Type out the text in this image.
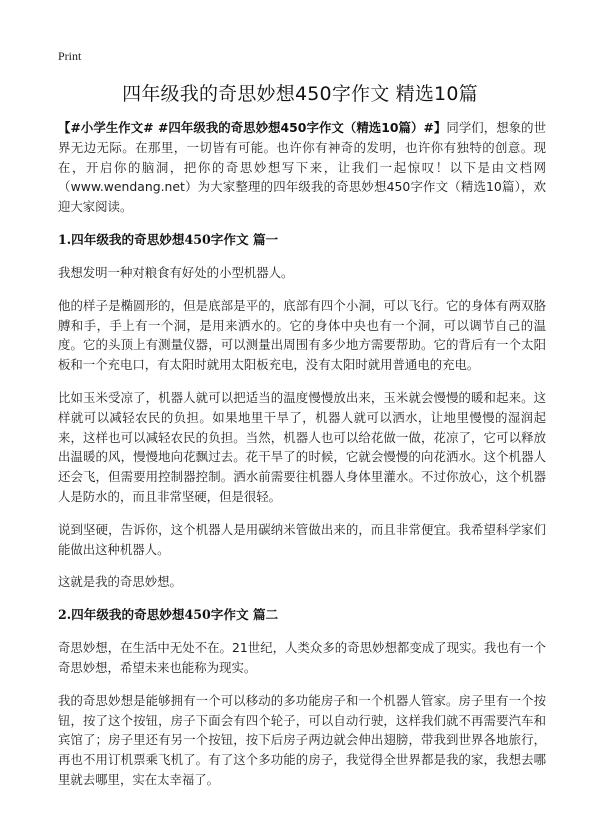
Print
四年级我的奇思妙想450字作文 精选10篇

【#小学生作文# #四年级我的奇思妙想450字作文（精选10篇）#】同学们，想象的世界无边无际。在那里，一切皆有可能。也许你有神奇的发明，也许你有独特的创意。现在，开启你的脑洞，把你的奇思妙想写下来，让我们一起惊叹！以下是由文档网（www.wendang.net）为大家整理的四年级我的奇思妙想450字作文（精选10篇），欢迎大家阅读。

1.四年级我的奇思妙想450字作文 篇一

我想发明一种对粮食有好处的小型机器人。

他的样子是椭圆形的，但是底部是平的，底部有四个小洞，可以飞行。它的身体有两双胳膊和手，手上有一个洞，是用来洒水的。它的身体中央也有一个洞，可以调节自己的温度。它的头顶上有测量仪器，可以测量出周围有多少地方需要帮助。它的背后有一个太阳板和一个充电口，有太阳时就用太阳板充电，没有太阳时就用普通电的充电。

比如玉米受凉了，机器人就可以把适当的温度慢慢放出来，玉米就会慢慢的暖和起来。这样就可以减轻农民的负担。如果地里干旱了，机器人就可以洒水，让地里慢慢的湿润起来，这样也可以减轻农民的负担。当然，机器人也可以给花做一做，花凉了，它可以释放出温暖的风，慢慢地向花飘过去。花干旱了的时候，它就会慢慢的向花洒水。这个机器人还会飞，但需要用控制器控制。洒水前需要往机器人身体里灌水。不过你放心，这个机器人是防水的，而且非常坚硬，但是很轻。

说到坚硬，告诉你，这个机器人是用碳纳米管做出来的，而且非常便宜。我希望科学家们能做出这种机器人。

这就是我的奇思妙想。

2.四年级我的奇思妙想450字作文 篇二

奇思妙想，在生活中无处不在。21世纪，人类众多的奇思妙想都变成了现实。我也有一个奇思妙想，希望未来也能称为现实。

我的奇思妙想是能够拥有一个可以移动的多功能房子和一个机器人管家。房子里有一个按钮，按了这个按钮，房子下面会有四个轮子，可以自动行驶，这样我们就不再需要汽车和宾馆了；房子里还有另一个按钮，按下后房子两边就会伸出翅膀，带我到世界各地旅行，再也不用订机票乘飞机了。有了这个多功能的房子，我觉得全世界都是我的家，我想去哪里就去哪里，实在太幸福了。
